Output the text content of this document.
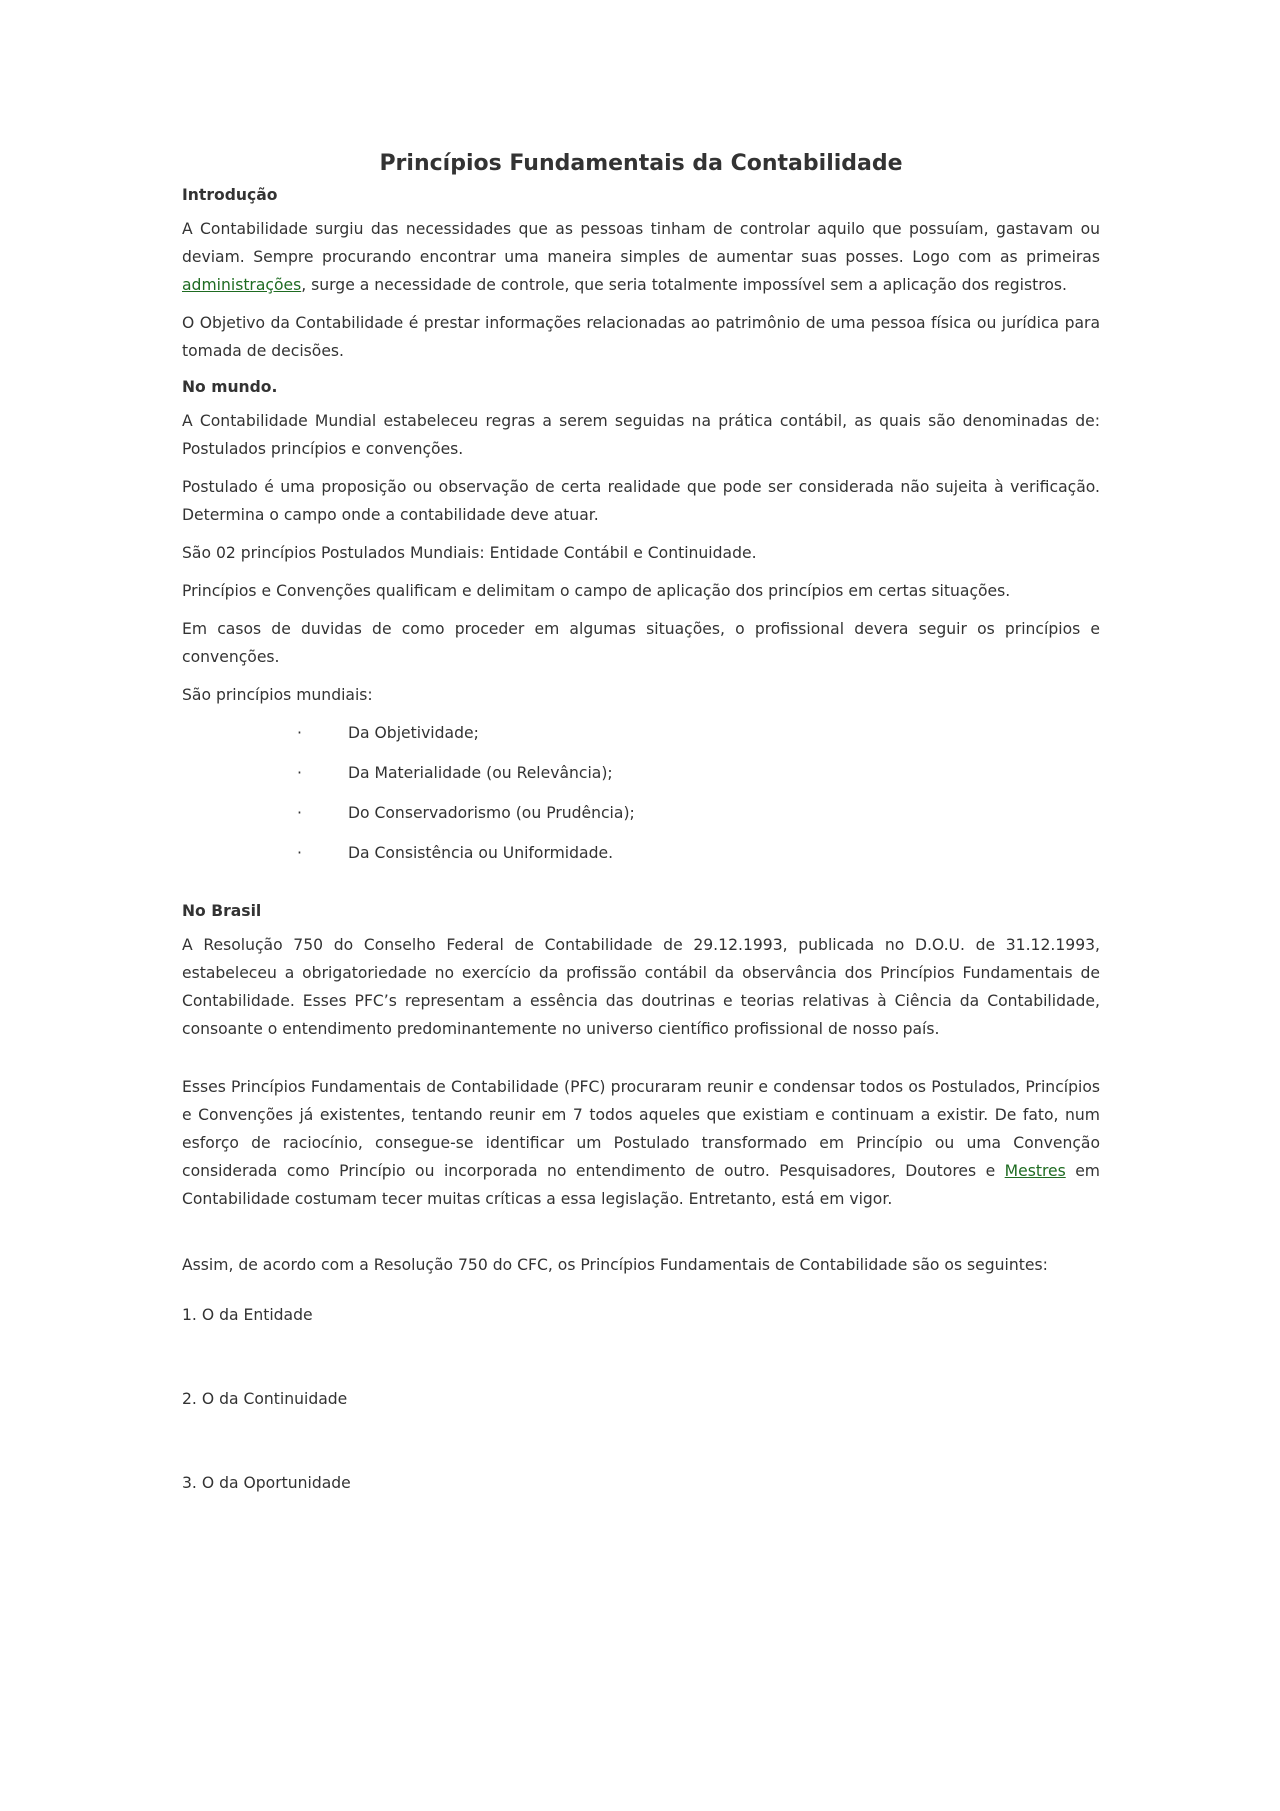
Princípios Fundamentais da Contabilidade
Introdução

A Contabilidade surgiu das necessidades que as pessoas tinham de controlar aquilo que possuíam, gastavam ou deviam. Sempre procurando encontrar uma maneira simples de aumentar suas posses. Logo com as primeiras administrações, surge a necessidade de controle, que seria totalmente impossível sem a aplicação dos registros.

O Objetivo da Contabilidade é prestar informações relacionadas ao patrimônio de uma pessoa física ou jurídica para tomada de decisões.

No mundo.

A Contabilidade Mundial estabeleceu regras a serem seguidas na prática contábil, as quais são denominadas de: Postulados princípios e convenções.

Postulado é uma proposição ou observação de certa realidade que pode ser considerada não sujeita à verificação. Determina o campo onde a contabilidade deve atuar.

São 02 princípios Postulados Mundiais: Entidade Contábil e Continuidade.

Princípios e Convenções qualificam e delimitam o campo de aplicação dos princípios em certas situações.

Em casos de duvidas de como proceder em algumas situações, o profissional devera seguir os princípios e convenções.

São princípios mundiais:

·	Da Objetividade;
·	Da Materialidade (ou Relevância);
·	Do Conservadorismo (ou Prudência);
·	Da Consistência ou Uniformidade.
No Brasil

A Resolução 750 do Conselho Federal de Contabilidade de 29.12.1993, publicada no D.O.U. de 31.12.1993, estabeleceu a obrigatoriedade no exercício da profissão contábil da observância dos Princípios Fundamentais de Contabilidade. Esses PFC’s representam a essência das doutrinas e teorias relativas à Ciência da Contabilidade, consoante o entendimento predominantemente no universo científico profissional de nosso país.

Esses Princípios Fundamentais de Contabilidade (PFC) procuraram reunir e condensar todos os Postulados, Princípios e Convenções já existentes, tentando reunir em 7 todos aqueles que existiam e continuam a existir. De fato, num esforço de raciocínio, consegue-se identificar um Postulado transformado em Princípio ou uma Convenção considerada como Princípio ou incorporada no entendimento de outro. Pesquisadores, Doutores e Mestres em Contabilidade costumam tecer muitas críticas a essa legislação. Entretanto, está em vigor.

Assim, de acordo com a Resolução 750 do CFC, os Princípios Fundamentais de Contabilidade são os seguintes:

1. O da Entidade
2. O da Continuidade
3. O da Oportunidade
